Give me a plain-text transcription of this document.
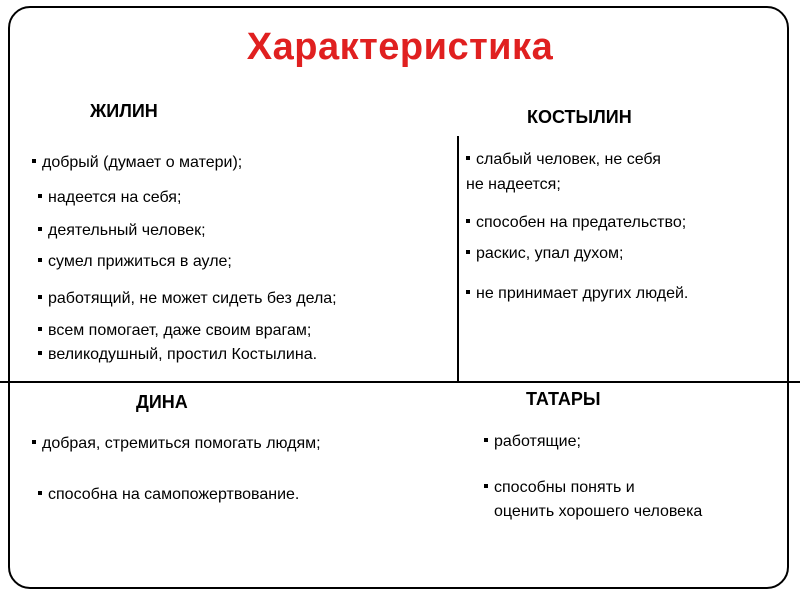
Характеристика
ЖИЛИН
добрый (думает о матери);
надеется на себя;
деятельный человек;
сумел прижиться в ауле;
работящий, не может сидеть без дела;
всем помогает, даже своим врагам;
великодушный, простил Костылина.
КОСТЫЛИН
слабый человек, не себя
не надеется;
способен на предательство;
раскис, упал духом;
не принимает других людей.
ДИНА
добрая, стремиться помогать людям;
способна на самопожертвование.
ТАТАРЫ
работящие;
способны понять и
оценить хорошего человека
